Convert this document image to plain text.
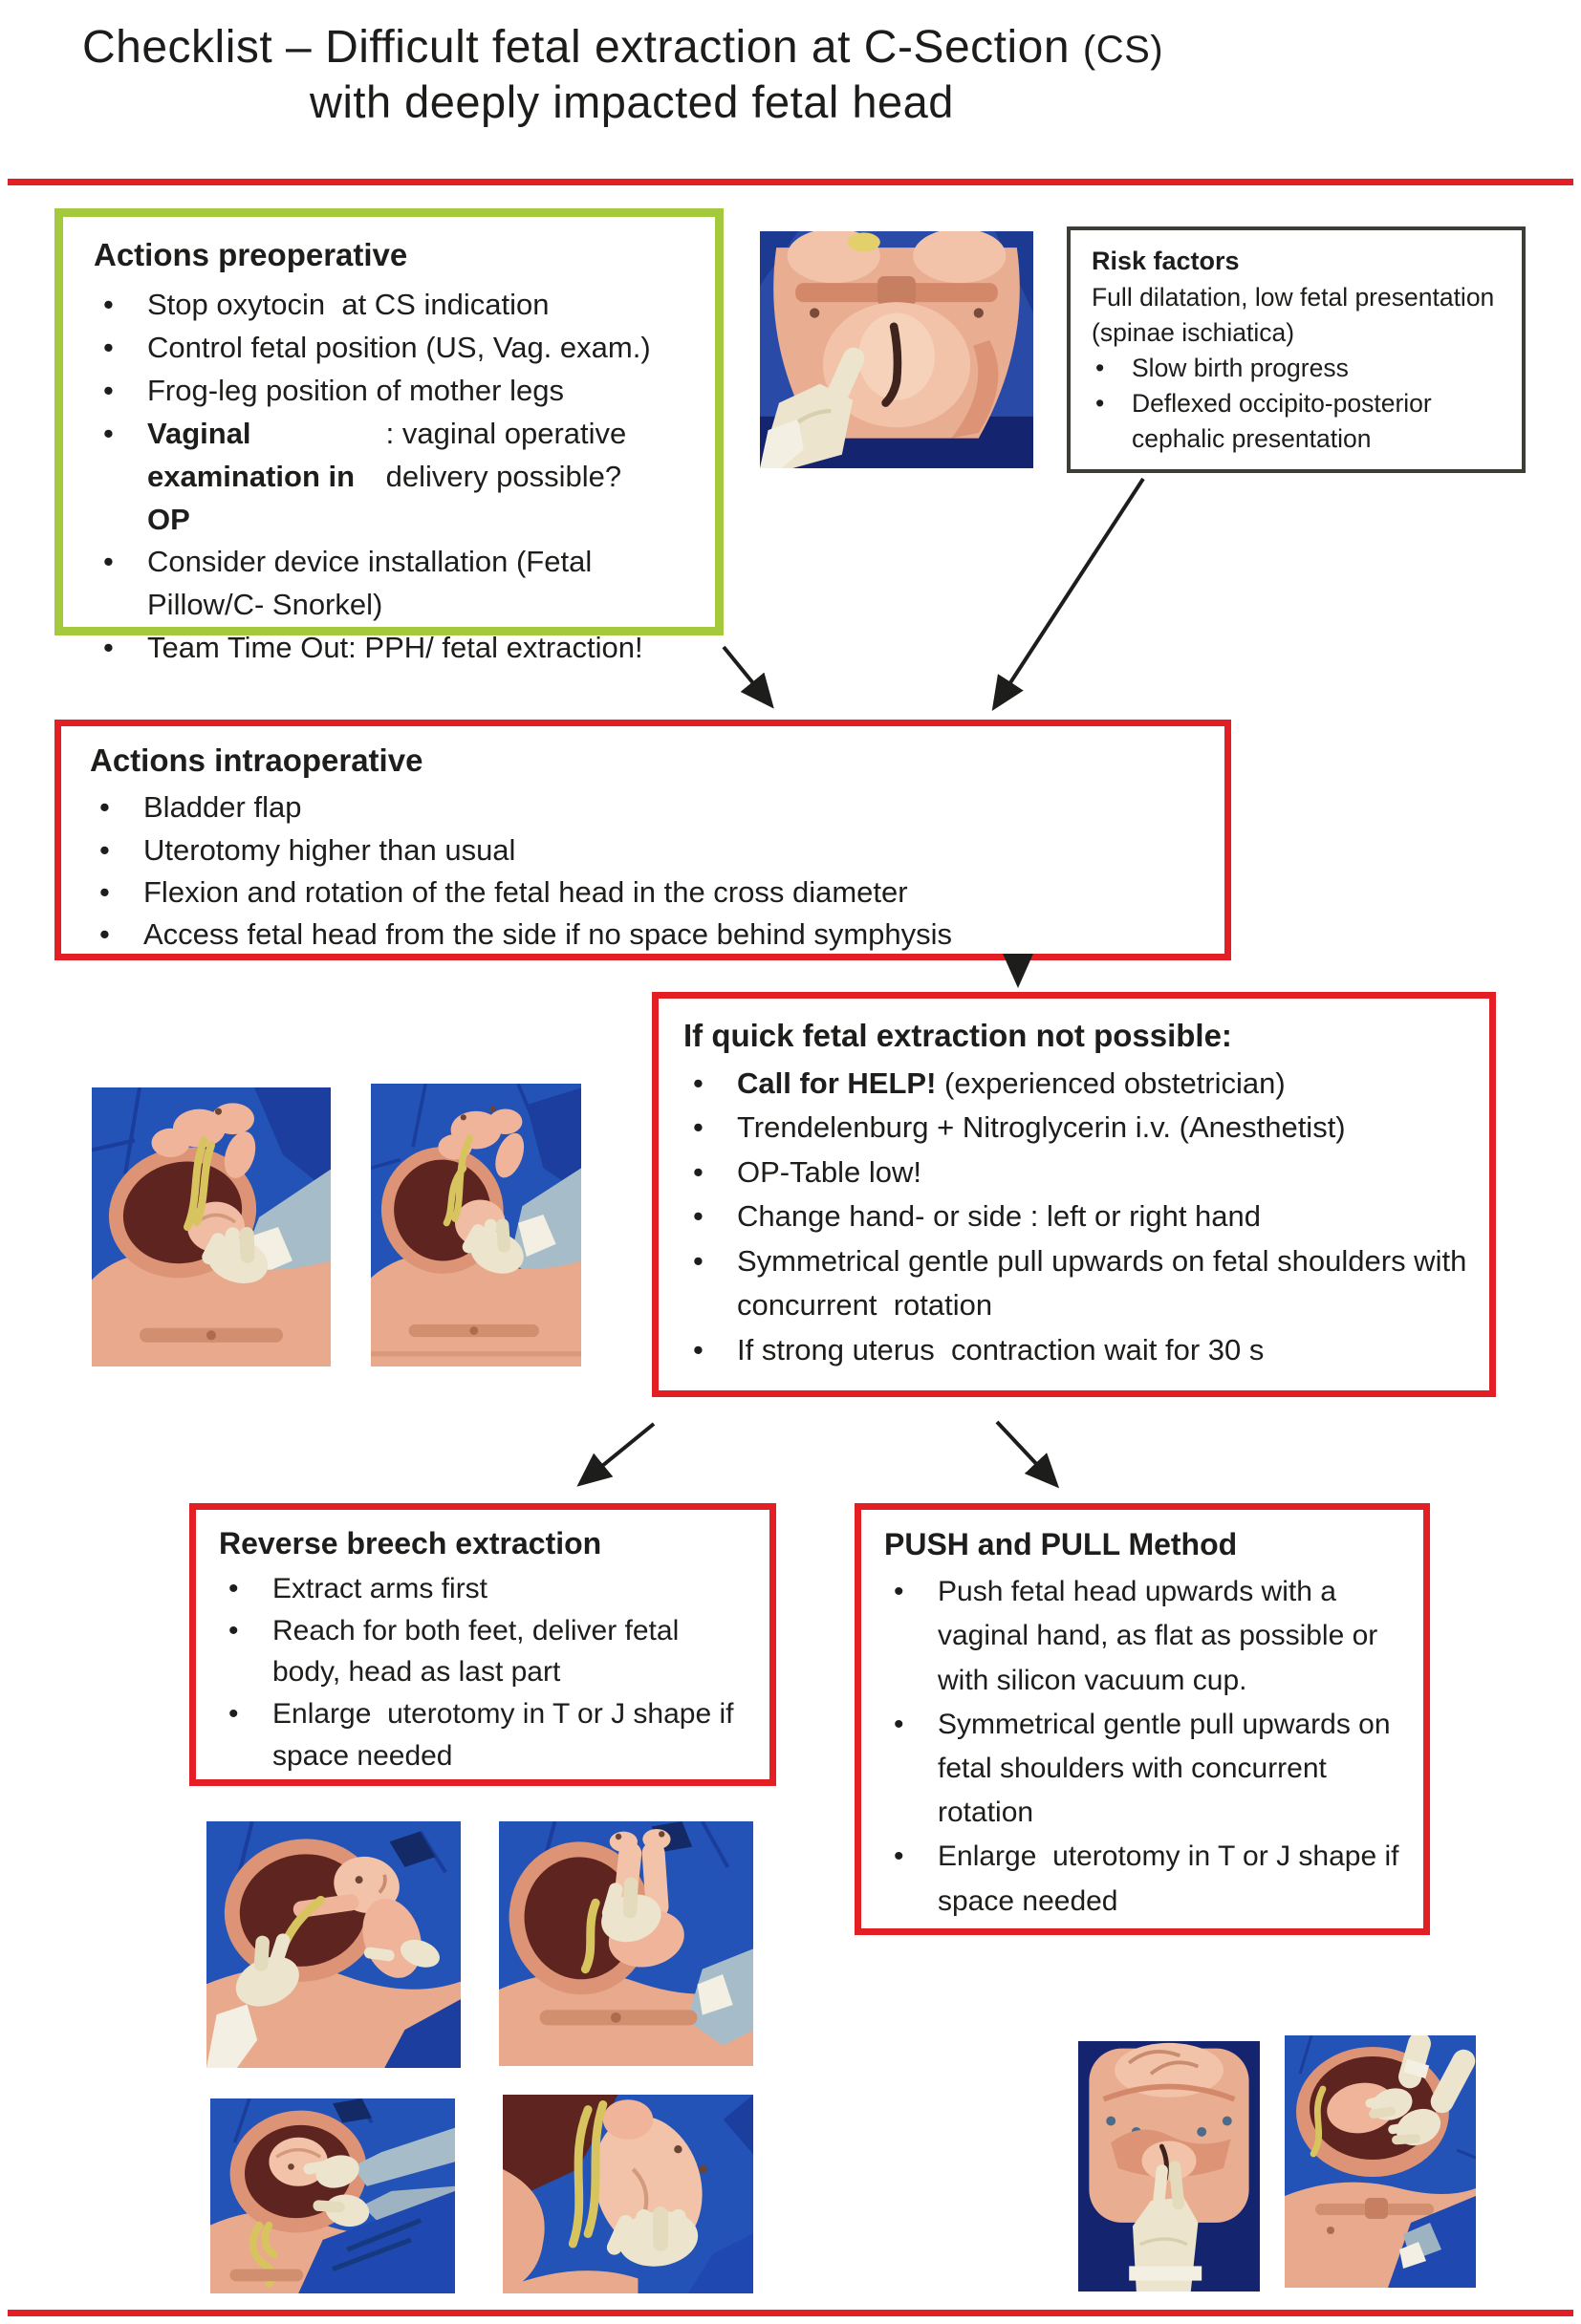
Checklist – Difficult fetal extraction at C-Section (CS)
with deeply impacted fetal head
Actions preoperative
• Stop oxytocin  at CS indication
• Control fetal position (US, Vag. exam.)
• Frog-leg position of mother legs
• Vaginal examination in OP
: vaginal operative delivery possible?
• Consider device installation (Fetal Pillow/C- Snorkel)
• Team Time Out: PPH/ fetal extraction!
Risk factors
Full dilatation, low fetal presentation (spinae ischiatica)
• Slow birth progress
• Deflexed occipito-posterior cephalic presentation
Actions intraoperative
• Bladder flap
• Uterotomy higher than usual
• Flexion and rotation of the fetal head in the cross diameter
• Access fetal head from the side if no space behind symphysis
If quick fetal extraction not possible:
• Call for HELP! (experienced obstetrician)
• Trendelenburg + Nitroglycerin i.v. (Anesthetist)
• OP-Table low!
• Change hand- or side : left or right hand
• Symmetrical gentle pull upwards on fetal shoulders with concurrent  rotation
• If strong uterus  contraction wait for 30 s
Reverse breech extraction
• Extract arms first
• Reach for both feet, deliver fetal body, head as last part
• Enlarge  uterotomy in T or J shape if space needed
PUSH and PULL Method
• Push fetal head upwards with a vaginal hand, as flat as possible or with silicon vacuum cup.
• Symmetrical gentle pull upwards on fetal shoulders with concurrent  rotation
• Enlarge  uterotomy in T or J shape if space needed
